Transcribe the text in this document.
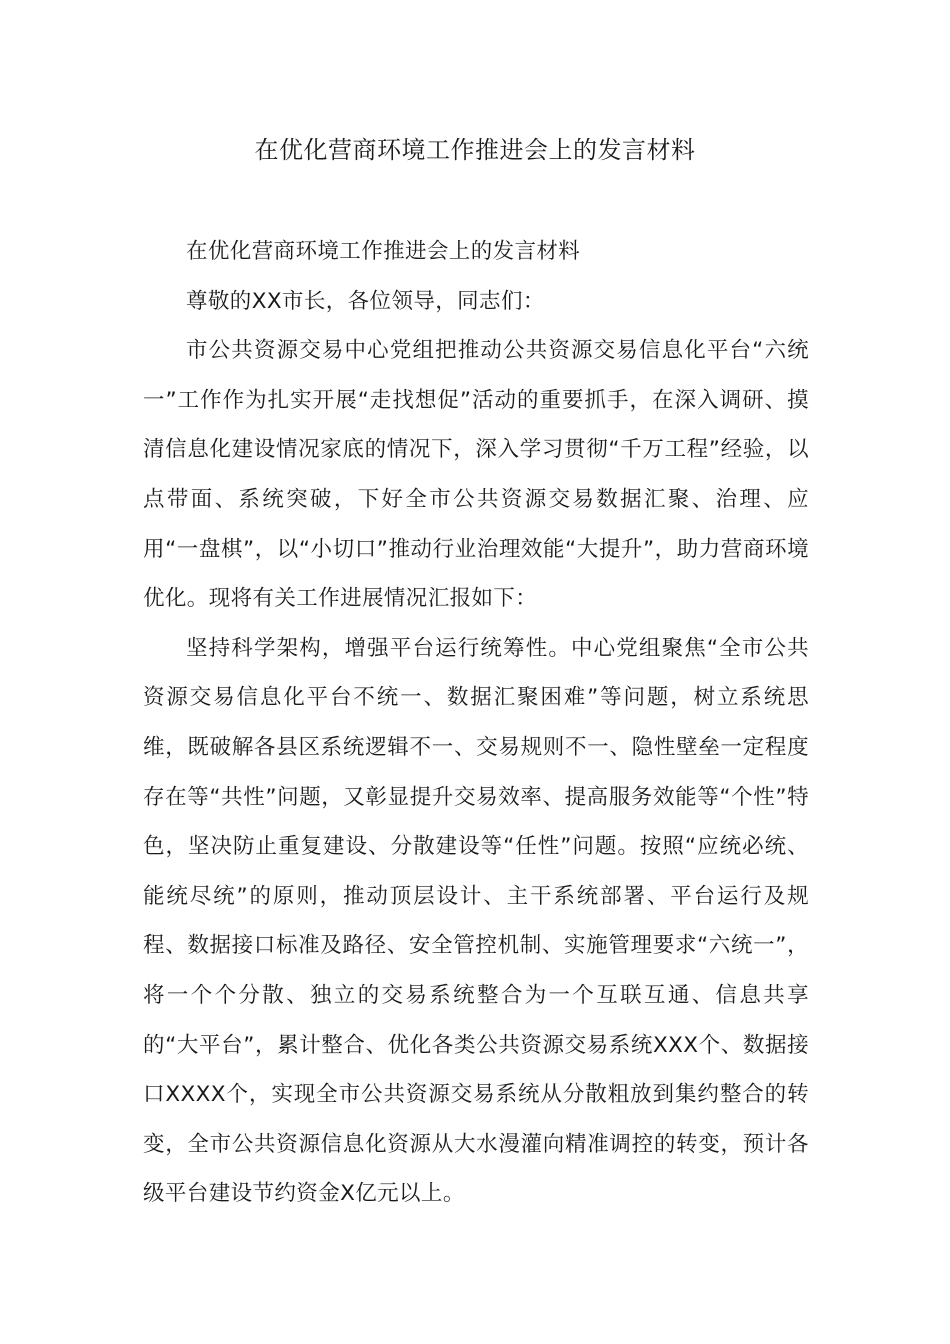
在优化营商环境工作推进会上的发言材料

在优化营商环境工作推进会上的发言材料

尊敬的XX市长，各位领导，同志们：

市公共资源交易中心党组把推动公共资源交易信息化平台“六统一”工作作为扎实开展“走找想促”活动的重要抓手，在深入调研、摸清信息化建设情况家底的情况下，深入学习贯彻“千万工程”经验，以点带面、系统突破，下好全市公共资源交易数据汇聚、治理、应用“一盘棋”，以“小切口”推动行业治理效能“大提升”，助力营商环境优化。现将有关工作进展情况汇报如下：

坚持科学架构，增强平台运行统筹性。中心党组聚焦“全市公共资源交易信息化平台不统一、数据汇聚困难”等问题，树立系统思维，既破解各县区系统逻辑不一、交易规则不一、隐性壁垒一定程度存在等“共性”问题，又彰显提升交易效率、提高服务效能等“个性”特色，坚决防止重复建设、分散建设等“任性”问题。按照“应统必统、能统尽统”的原则，推动顶层设计、主干系统部署、平台运行及规程、数据接口标准及路径、安全管控机制、实施管理要求“六统一”，将一个个分散、独立的交易系统整合为一个互联互通、信息共享的“大平台”，累计整合、优化各类公共资源交易系统XXX个、数据接口XXXX个，实现全市公共资源交易系统从分散粗放到集约整合的转变，全市公共资源信息化资源从大水漫灌向精准调控的转变，预计各级平台建设节约资金X亿元以上。
